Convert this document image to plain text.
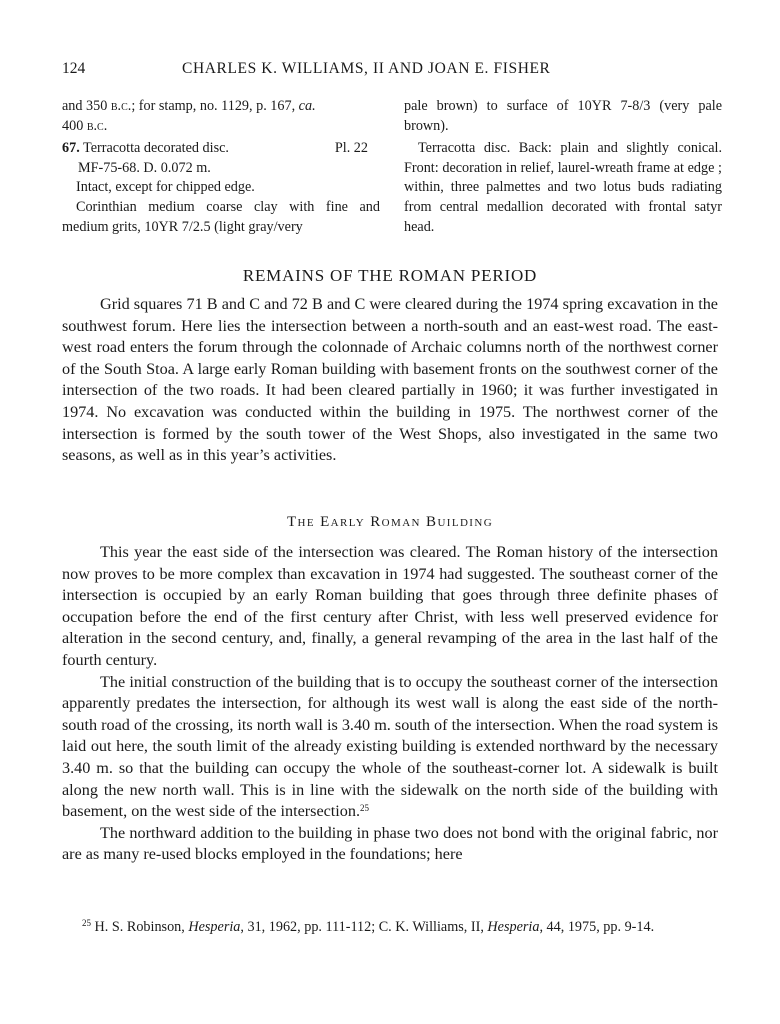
124	CHARLES K. WILLIAMS, II AND JOAN E. FISHER

and 350 b.c.; for stamp, no. 1129, p. 167, ca.
400 b.c.

67. Terracotta decorated disc.	Pl. 22

MF-75-68. D. 0.072 m.

Intact, except for chipped edge.

Corinthian medium coarse clay with fine and medium grits, 10YR 7/2.5 (light gray/very

pale brown) to surface of 10YR 7-8/3 (very pale brown).

Terracotta disc. Back: plain and slightly conical. Front: decoration in relief, laurel-wreath frame at edge ; within, three palmettes and two lotus buds radiating from central medallion decorated with frontal satyr head.

REMAINS OF THE ROMAN PERIOD

Grid squares 71 B and C and 72 B and C were cleared during the 1974 spring excavation in the southwest forum. Here lies the intersection between a north-south and an east-west road. The east-west road enters the forum through the colonnade of Archaic columns north of the northwest corner of the South Stoa. A large early Roman building with basement fronts on the southwest corner of the intersection of the two roads. It had been cleared partially in 1960; it was further investigated in 1974. No excavation was conducted within the building in 1975. The northwest corner of the intersection is formed by the south tower of the West Shops, also investigated in the same two seasons, as well as in this year’s activities.

The Early Roman Building

This year the east side of the intersection was cleared. The Roman history of the intersection now proves to be more complex than excavation in 1974 had suggested. The southeast corner of the intersection is occupied by an early Roman building that goes through three definite phases of occupation before the end of the first century after Christ, with less well preserved evidence for alteration in the second century, and, finally, a general revamping of the area in the last half of the fourth century.

The initial construction of the building that is to occupy the southeast corner of the intersection apparently predates the intersection, for although its west wall is along the east side of the north-south road of the crossing, its north wall is 3.40 m. south of the intersection. When the road system is laid out here, the south limit of the already existing building is extended northward by the necessary 3.40 m. so that the building can occupy the whole of the southeast-corner lot. A sidewalk is built along the new north wall. This is in line with the sidewalk on the north side of the building with basement, on the west side of the intersection.$^{25}$

The northward addition to the building in phase two does not bond with the original fabric, nor are as many re-used blocks employed in the foundations; here

$^{25}$ H. S. Robinson, Hesperia, 31, 1962, pp. 111-112; C. K. Williams, II, Hesperia, 44, 1975, pp. 9-14.
